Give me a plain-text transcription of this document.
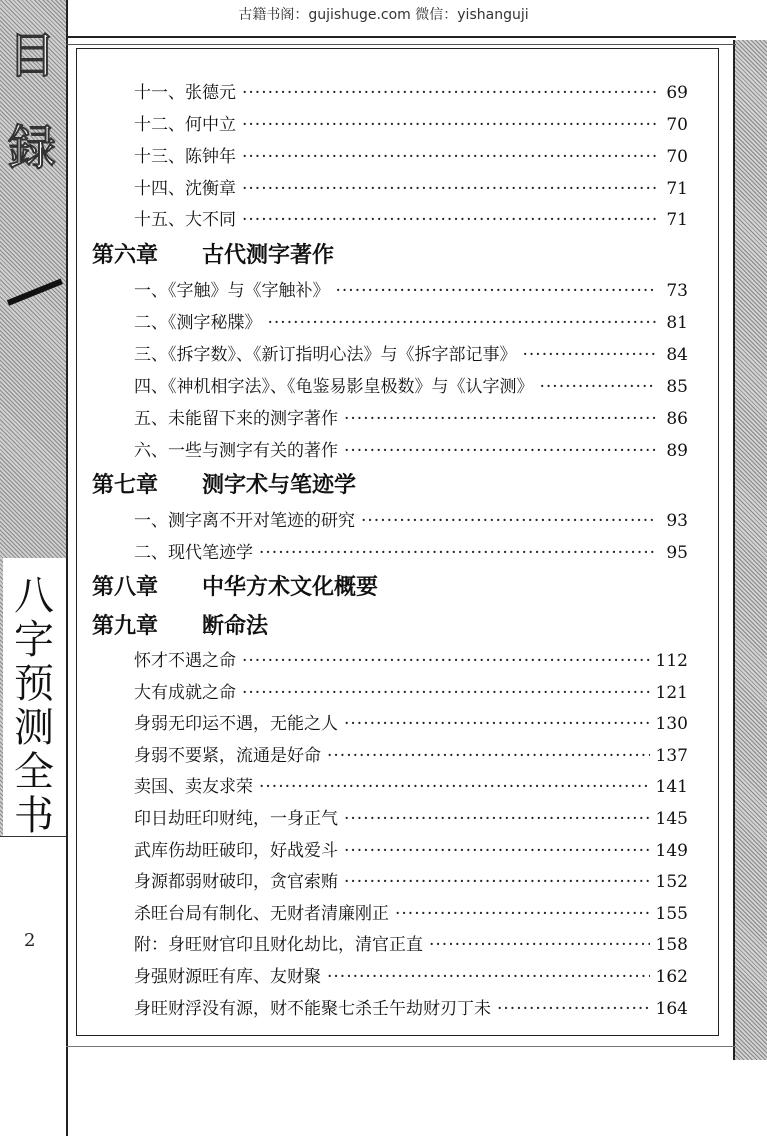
古籍书阁：gujishuge.com 微信：yishanguji
目
録
八
字
预
测
全
书
2
十一、张德元 ·····	69
十二、何中立 ·····	70
十三、陈钟年 ·····	70
十四、沈衡章 ·····	71
十五、大不同 ·····	71
第六章	古代测字著作
一、《字触》与《字触补》 ·····	73
二、《测字秘牒》 ·····	81
三、《拆字数》、《新订指明心法》与《拆字部记事》 ·····	84
四、《神机相字法》、《龟鉴易影皇极数》与《认字测》 ·····	85
五、未能留下来的测字著作 ·····	86
六、一些与测字有关的著作 ·····	89
第七章	测字术与笔迹学
一、测字离不开对笔迹的研究 ·····	93
二、现代笔迹学 ·····	95
第八章	中华方术文化概要
第九章	断命法
怀才不遇之命 ·····	112
大有成就之命 ·····	121
身弱无印运不遇，无能之人 ·····	130
身弱不要紧，流通是好命 ·····	137
卖国、卖友求荣 ·····	141
印日劫旺印财纯，一身正气 ·····	145
武库伤劫旺破印，好战爱斗 ·····	149
身源都弱财破印，贪官索贿 ·····	152
杀旺台局有制化、无财者清廉刚正 ·····	155
附：身旺财官印且财化劫比，清官正直 ·····	158
身强财源旺有库、友财聚 ·····	162
身旺财浮没有源，财不能聚七杀壬午劫财刃丁未 ·····	164
